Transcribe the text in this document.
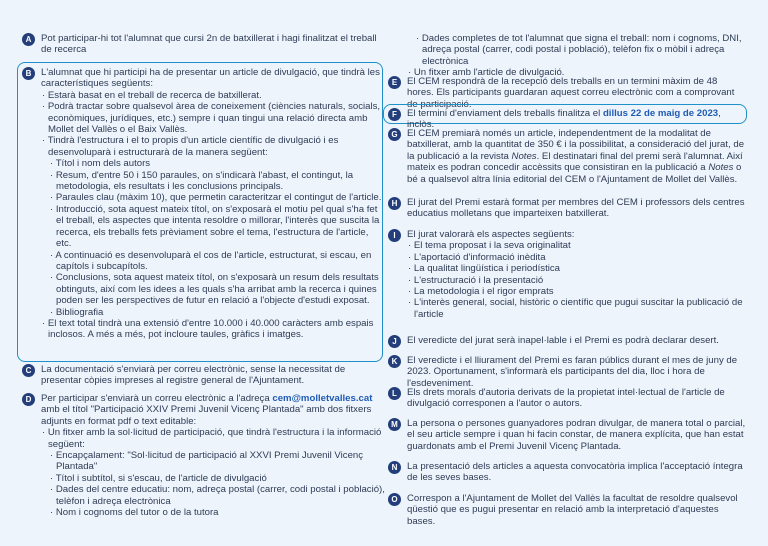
A	Pot participar-hi tot l'alumnat que cursi 2n de batxillerat i hagi finalitzat el treball de recerca
B	L'alumnat que hi participi ha de presentar un article de divulgació, que tindrà les característiques següents:
· Estarà basat en el treball de recerca de batxillerat.
· Podrà tractar sobre qualsevol àrea de coneixement (ciències naturals, socials, econòmiques, jurídiques, etc.) sempre i quan tingui una relació directa amb Mollet del Vallès o el Baix Vallès.
· Tindrà l'estructura i el to propis d'un article científic de divulgació i es desenvoluparà i estructurarà de la manera següent:
· Títol i nom dels autors
· Resum, d'entre 50 i 150 paraules, on s'indicarà l'abast, el contingut, la metodologia, els resultats i les conclusions principals.
· Paraules clau (màxim 10), que permetin caracteritzar el contingut de l'article.
· Introducció, sota aquest mateix títol, on s'exposarà el motiu pel qual s'ha fet el treball, els aspectes que intenta resoldre o millorar, l'interès que suscita la recerca, els treballs fets prèviament sobre el tema, l'estructura de l'article, etc.
· A continuació es desenvoluparà el cos de l'article, estructurat, si escau, en capítols i subcapítols.
· Conclusions, sota aquest mateix títol, on s'exposarà un resum dels resultats obtinguts, així com les idees a les quals s'ha arribat amb la recerca i quines poden ser les perspectives de futur en relació a l'objecte d'estudi exposat.
· Bibliografia
· El text total tindrà una extensió d'entre 10.000 i 40.000 caràcters amb espais inclosos. A més a més, pot incloure taules, gràfics i imatges.
C	La documentació s'enviarà per correu electrònic, sense la necessitat de presentar còpies impreses al registre general de l'Ajuntament.
D	Per participar s'enviarà un correu electrònic a l'adreça cem@molletvalles.cat amb el títol "Participació XXIV Premi Juvenil Vicenç Plantada" amb dos fitxers adjunts en format pdf o text editable:
· Un fitxer amb la sol·licitud de participació, que tindrà l'estructura i la informació següent:
· Encapçalament: "Sol·licitud de participació al XXVI Premi Juvenil Vicenç Plantada"
· Títol i subtítol, si s'escau, de l'article de divulgació
· Dades del centre educatiu: nom, adreça postal (carrer, codi postal i població), telèfon i adreça electrònica
· Nom i cognoms del tutor o de la tutora
· Dades completes de tot l'alumnat que signa el treball: nom i cognoms, DNI, adreça postal (carrer, codi postal i població), telèfon fix o mòbil i adreça electrònica
· Un fitxer amb l'article de divulgació.
E	El CEM respondrà de la recepció dels treballs en un termini màxim de 48 hores. Els participants guardaran aquest correu electrònic com a comprovant de participació.
F	El termini d'enviament dels treballs finalitza el dillus 22 de maig de 2023, inclòs.
G El CEM premiarà només un article, independentment de la modalitat de batxillerat, amb la quantitat de 350 € i la possibilitat, a consideració del jurat, de la publicació a la revista Notes. El destinatari final del premi serà l'alumnat. Així mateix es podran concedir accèssits que consistiran en la publicació a Notes o bé a qualsevol altra línia editorial del CEM o l'Ajuntament de Mollet del Vallès.
H	El jurat del Premi estarà format per membres del CEM i professors dels centres educatius molletans que imparteixen batxillerat.
I	El jurat valorarà els aspectes següents:
· El tema proposat i la seva originalitat
· L'aportació d'informació inèdita
· La qualitat lingüística i periodística
· L'estructuració i la presentació
· La metodologia i el rigor emprats
· L'interès general, social, històric o científic que pugui suscitar la publicació de l'article
J	El veredicte del jurat serà inapel·lable i el Premi es podrà declarar desert.
K	El veredicte i el lliurament del Premi es faran públics durant el mes de juny de 2023. Oportunament, s'informarà els participants del dia, lloc i hora de l'esdeveniment.
L	Els drets morals d'autoria derivats de la propietat intel·lectual de l'article de divulgació corresponen a l'autor o autors.
M La persona o persones guanyadores podran divulgar, de manera total o parcial, el seu article sempre i quan hi facin constar, de manera explícita, que han estat guardonats amb el Premi Juvenil Vicenç Plantada.
N	La presentació dels articles a aquesta convocatòria implica l'acceptació íntegra de les seves bases.
O Correspon a l'Ajuntament de Mollet del Vallès la facultat de resoldre qualsevol qüestió que es pugui presentar en relació amb la interpretació d'aquestes bases.
